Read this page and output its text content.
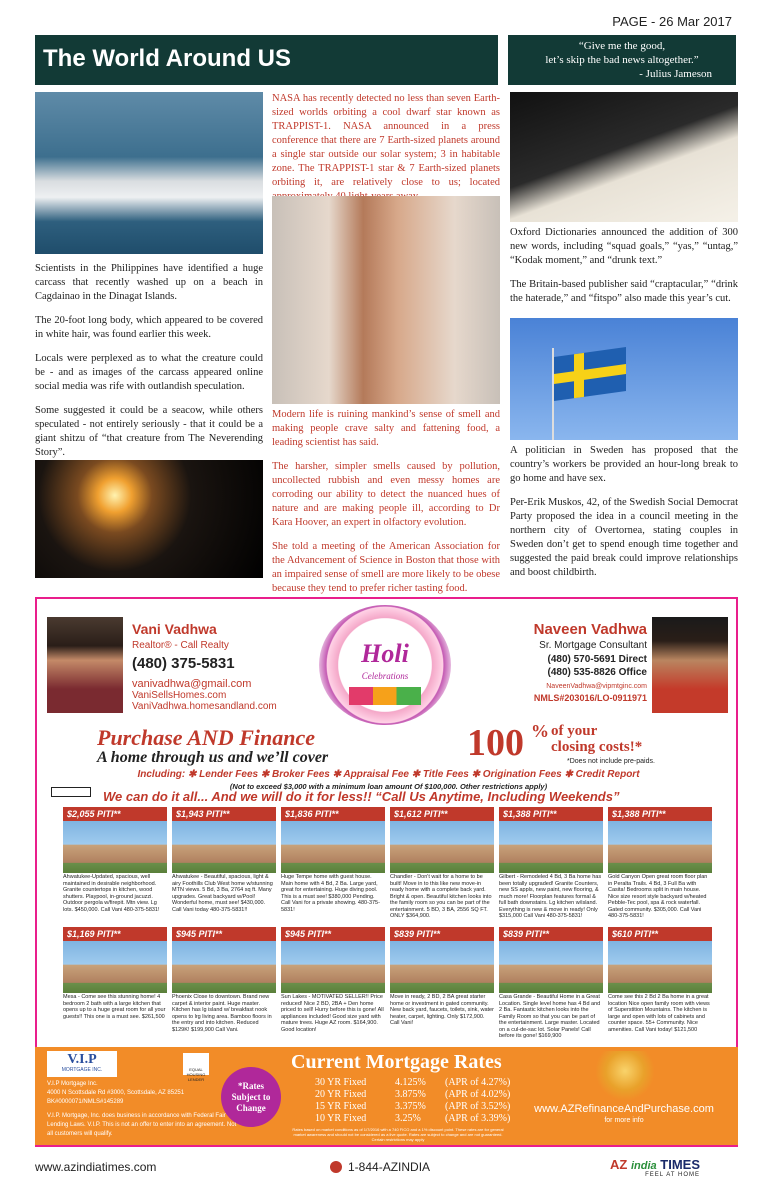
PAGE - 26 Mar 2017
The World Around US	“Give me the good,
let’s skip the bad news altogether.”
- Julius Jameson

Scientists in the Philippines have identified a huge carcass that recently washed up on a beach in Cagdainao in the Dinagat Islands.

The 20-foot long body, which appeared to be covered in white hair, was found earlier this week.

Locals were perplexed as to what the creature could be - and as images of the carcass appeared online social media was rife with outlandish speculation.

Some suggested it could be a seacow, while others speculated - not entirely seriously - that it could be a giant shitzu of “that creature from The Neverending Story”.

NASA has recently detected no less than seven Earth-sized worlds orbiting a cool dwarf star known as TRAPPIST-1. NASA announced in a press conference that there are 7 Earth-sized planets around a single star outside our solar system; 3 in habitable zone. The TRAPPIST-1 star & 7 Earth-sized planets orbiting it, are relatively close to us; located

Modern life is ruining mankind’s sense of smell and making people crave salty and fattening food, a leading scientist has said.

The harsher, simpler smells caused by pollution, uncollected rubbish and even messy homes are corroding our ability to detect the nuanced hues of nature and are making people ill, according to Dr Kara Hoover, an expert in olfactory evolution.

She told a meeting of the American Association for the Advancement of Science in Boston that those with an impaired sense of smell are more likely to be obese because they tend to prefer richer tasting food.

Oxford Dictionaries announced the addition of 300 new words, including “squad goals,” “yas,” “untag,” “Kodak moment,” and “drunk text.”

The Britain-based publisher said “craptacular,” “drink the haterade,” and “fitspo” also made this year’s cut.

A politician in Sweden has proposed that the country’s workers be provided an hour-long break to go home and have sex.

Per-Erik Muskos, 42, of the Swedish Social Democrat Party proposed the idea in a council meeting in the northern city of Overtornea, stating couples in Sweden don’t get to spend enough time together and suggested the paid break could improve relationships and boost childbirth.

Vani Vadhwa
Realtor® - Call Realty
(480) 375-5831
vanivadhwa@gmail.com
VaniSellsHomes.com
VaniVadhwa.homesandland.com
Holi
Celebrations
Naveen Vadhwa
Sr. Mortgage Consultant
(480) 570-5691 Direct
(480) 535-8826 Office
NaveenVadhwa@vipmtginc.com
NMLS#203016/LO-0911971
Purchase AND Finance
A home through us and we’ll cover	100 % of your
closing costs!*
*Does not include pre-paids.
Including: ✱ Lender Fees ✱ Broker Fees ✱ Appraisal Fee ✱ Title Fees ✱ Origination Fees ✱ Credit Report
(Not to exceed $3,000 with a minimum loan amount Of $100,000. Other restrictions apply)
We can do it all... And we will do it for less!! “Call Us Anytime, Including Weekends”
$2,055 PITI**
Ahwatukee-Updated, spacious, well maintained in desirable neighborhood. Granite countertops in kitchen, wood shutters. Playpool, in-ground jacuzzi. Outdoor pergola w/firepit. Mtn view. Lg lots. $450,000. Call Vani 480-375-5831!
$1,943 PITI**
Ahwatukee - Beautiful, spacious, light & airy Foothills Club West home w/stunning MTN views. 5 Bd, 3 Ba, 2764 sq ft. Many upgrades. Great backyard w/Pool! Wonderful home, must see! $430,000. Call Vani today 480-375-5831!!
$1,836 PITI**
Huge Tempe home with guest house. Main home with 4 Bd, 2 Ba. Large yard, great for entertaining. Huge diving pool. This is a must see! $380,000 Pending. Call Vani for a private showing. 480-375-5831!
$1,612 PITI**
Chandler - Don't wait for a home to be built! Move in to this like new move-in ready home with a complete back yard. Bright & open. Beautiful kitchen looks into the family room so you can be part of the entertainment. 5 BD, 3 BA, 2556 SQ FT. ONLY $364,900.
$1,388 PITI**
Gilbert - Remodeled 4 Bd, 3 Ba home has been totally upgraded! Granite Counters, new SS appls, new paint, new flooring, & much more! Floorplan features formal & full bath downstairs. Lg kitchen w/island. Everything is new & move in ready! Only $315,000 Call Vani 480-375-5831!
$1,388 PITI**
Gold Canyon Open great room floor plan in Peralta Trails. 4 Bd, 3 Full Ba with Casita! Bedrooms split in main house. Nice size resort style backyard w/heated Pebble-Tec pool, spa & rock waterfall. Gated community. $305,000. Call Vani 480-375-5831!
$1,169 PITI**
Mesa - Come see this stunning home! 4 bedroom 2 bath with a large kitchen that opens up to a huge great room for all your guests!! This one is a must see. $261,500
$945 PITI**
Phoenix Close to downtown. Brand new carpet & interior paint. Huge master. Kitchen has lg island w/ breakfast nook opens to lrg living area. Bamboo floors in the entry and into kitchen. Reduced $129K! $199,900 Call Vani.
$945 PITI**
Sun Lakes - MOTIVATED SELLER!! Price reduced! Nice 2 BD, 2BA + Den home priced to sell! Hurry before this is gone! All appliances included! Good size yard with mature trees. Huge AZ room. $164,900. Good location!
$839 PITI**
Move in ready, 2 BD, 2 BA great starter home or investment in gated community. New back yard, faucets, toilets, sink, water heater, carpet, lighting. Only $172,900. Call Vani!
$839 PITI**
Casa Grande - Beautiful Home in a Great Location. Single level home has 4 Bd and 2 Ba. Fantastic kitchen looks into the Family Room so that you can be part of the entertainment. Large master. Located on a cul-de-sac lot. Solar Panels! Call before its gone! $169,900
$610 PITI**
Come see this 2 Bd 2 Ba home in a great location Nice open family room with views of Superstition Mountains. The kitchen is large and open with lots of cabinets and counter space. 55+ Community. Nice amenities. Call Vani today! $121,500
V.I.P
MORTGAGE INC.	EQUAL HOUSING LENDER
V.I.P Mortgage Inc.
4000 N Scottsdale Rd #3000, Scottsdale, AZ 85251
BK#0000071/NMLS#145289
V.I.P. Mortgage, Inc. does business in accordance with Federal Fair Lending Laws. V.I.P. This is not an offer to enter into an agreement. Not all customers will qualify.
*Rates Subject to Change
Current Mortgage Rates
30 YR Fixed	4.125% (APR of 4.27%)
20 YR Fixed	3.875% (APR of 4.02%)
15 YR Fixed	3.375% (APR of 3.52%)
10 YR Fixed	3.25% (APR of 3.39%)
Rates based on market conditions as of 1/7/2016 with a 740 FICO and a 1% discount point. These rates are for general market awareness and should not be considered as a live quote. Rates are subject to change and are not guaranteed. Certain restrictions may apply
www.AZRefinanceAndPurchase.com
for more info
www.azindiatimes.com	1-844-AZINDIA	AZ india TΙMES
FEEL AT HOME
